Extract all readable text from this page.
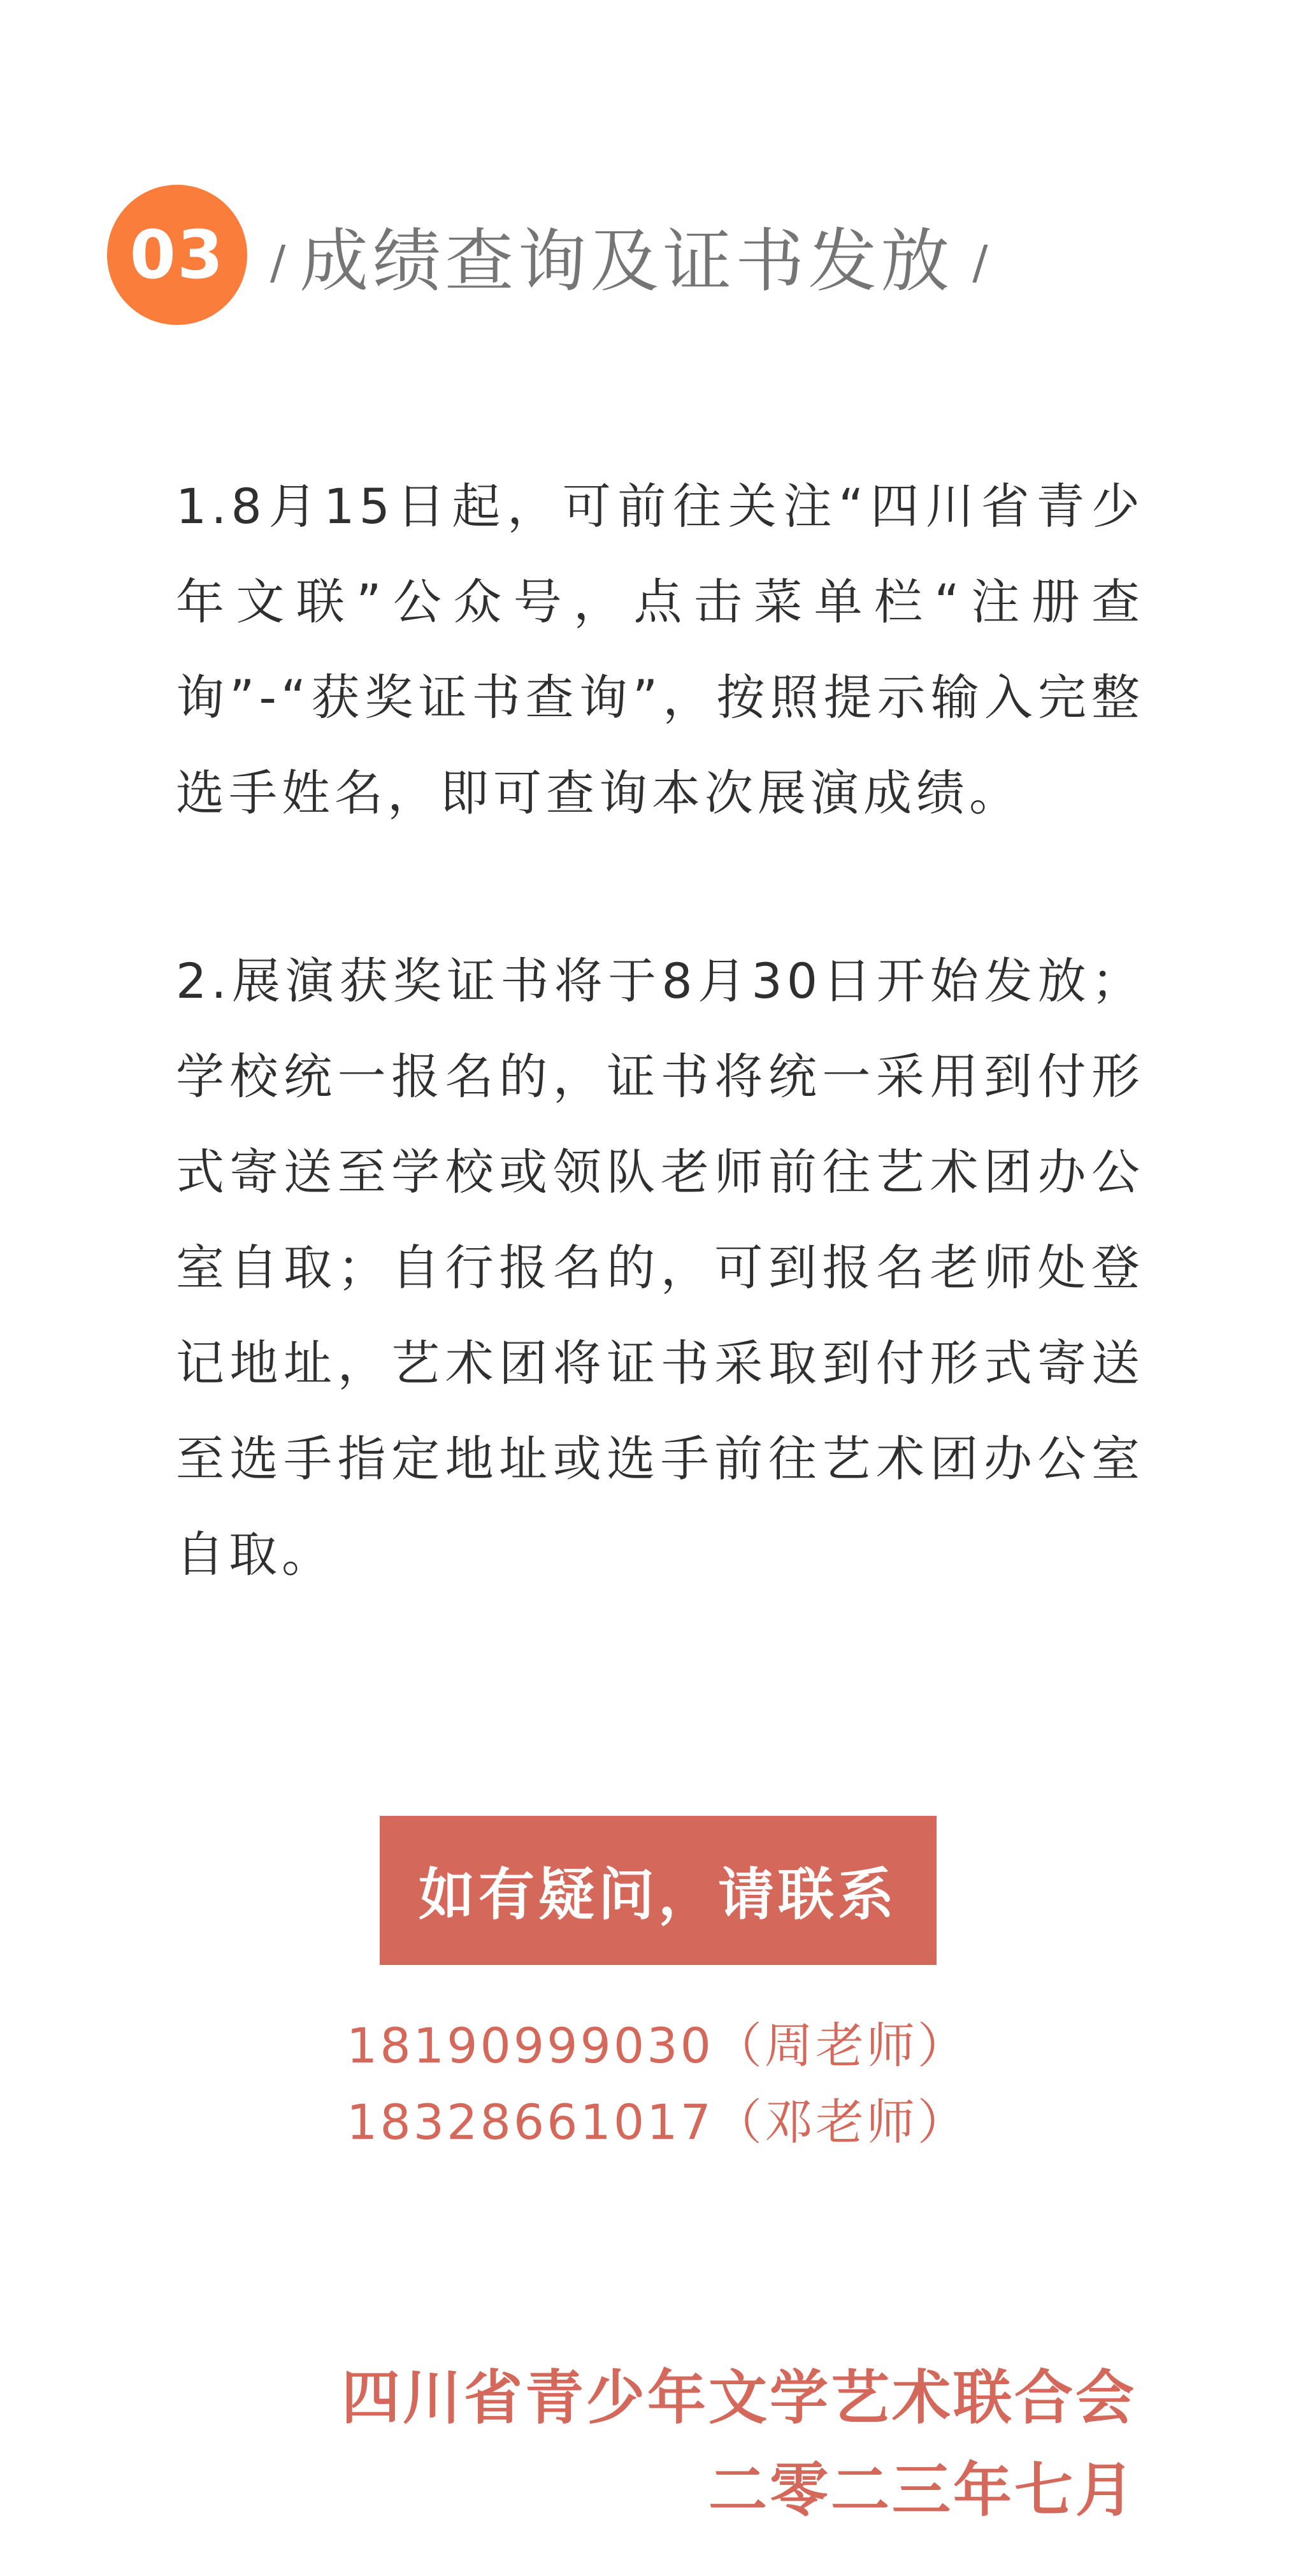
03 / 成绩查询及证书发放 /
1.8月15日起，可前往关注“四川省青少年文联”公众号，点击菜单栏“注册查询”-“获奖证书查询”，按照提示输入完整选手姓名，即可查询本次展演成绩。
2.展演获奖证书将于8月30日开始发放；学校统一报名的，证书将统一采用到付形式寄送至学校或领队老师前往艺术团办公室自取；自行报名的，可到报名老师处登记地址，艺术团将证书采取到付形式寄送至选手指定地址或选手前往艺术团办公室自取。
如有疑问，请联系
18190999030（周老师）
18328661017（邓老师）
四川省青少年文学艺术联合会
二零二三年七月
